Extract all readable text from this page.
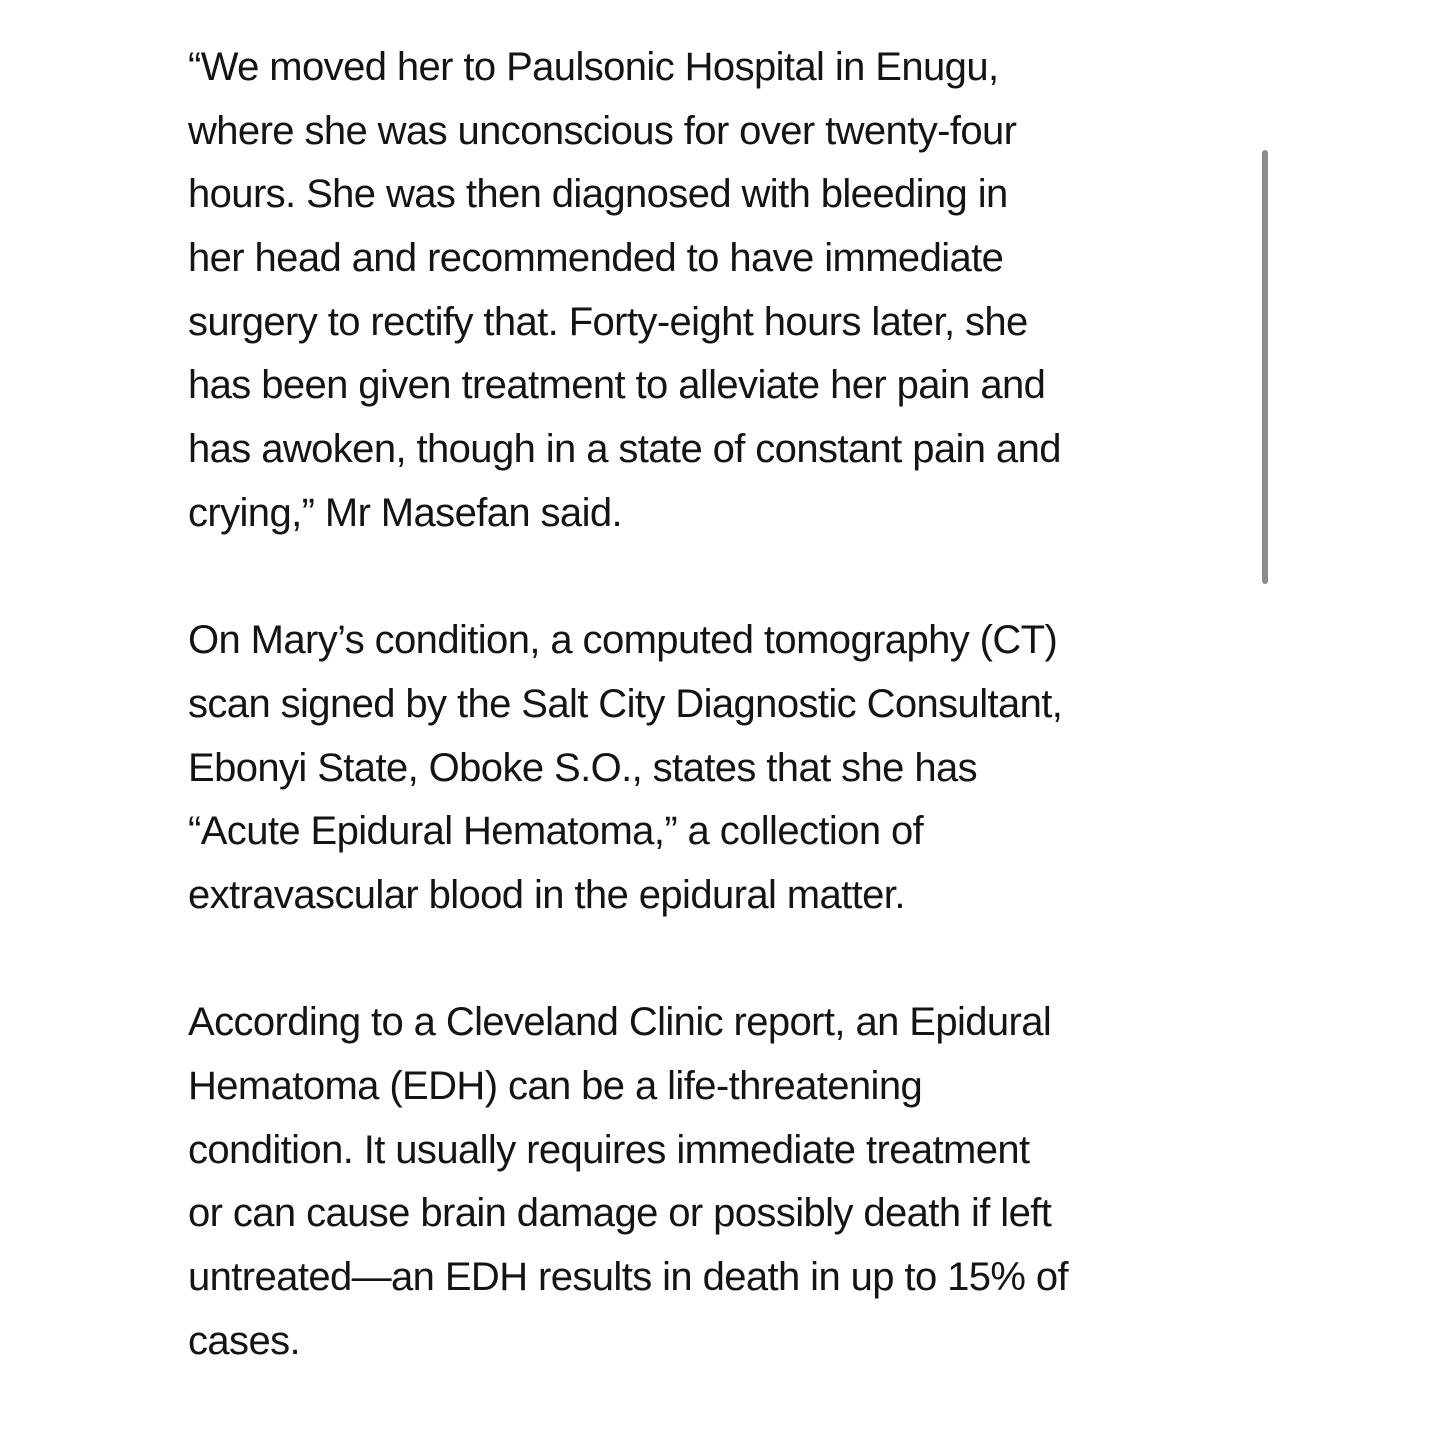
“We moved her to Paulsonic Hospital in Enugu,
where she was unconscious for over twenty-four
hours. She was then diagnosed with bleeding in
her head and recommended to have immediate
surgery to rectify that. Forty-eight hours later, she
has been given treatment to alleviate her pain and
has awoken, though in a state of constant pain and
crying,” Mr Masefan said.
On Mary’s condition, a computed tomography (CT)
scan signed by the Salt City Diagnostic Consultant,
Ebonyi State, Oboke S.O., states that she has
“Acute Epidural Hematoma,” a collection of
extravascular blood in the epidural matter.
According to a Cleveland Clinic report, an Epidural
Hematoma (EDH) can be a life-threatening
condition. It usually requires immediate treatment
or can cause brain damage or possibly death if left
untreated—an EDH results in death in up to 15% of
cases.
